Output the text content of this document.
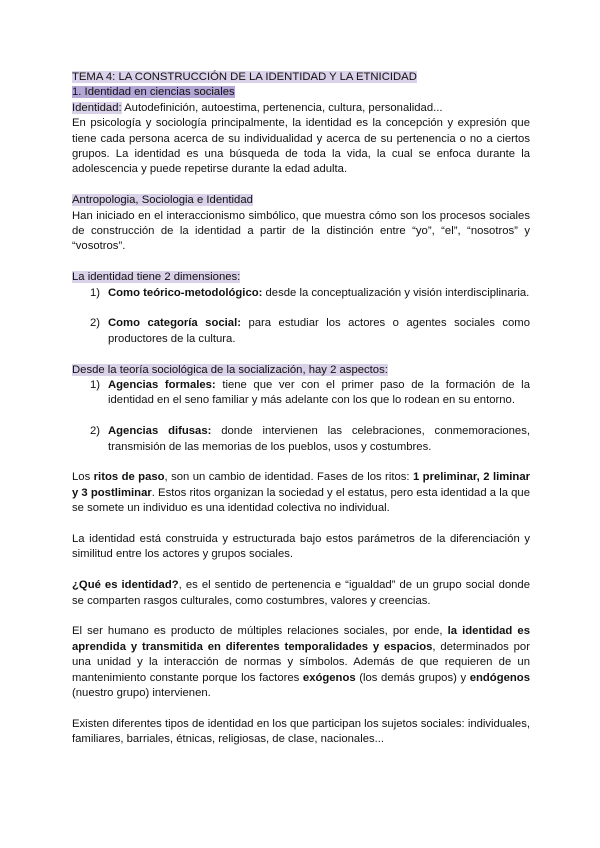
TEMA 4: LA CONSTRUCCIÓN DE LA IDENTIDAD Y LA ETNICIDAD

1. Identidad en ciencias sociales

Identidad: Autodefinición, autoestima, pertenencia, cultura, personalidad...

En psicología y sociología principalmente, la identidad es la concepción y expresión que tiene cada persona acerca de su individualidad y acerca de su pertenencia o no a ciertos grupos. La identidad es una búsqueda de toda la vida, la cual se enfoca durante la adolescencia y puede repetirse durante la edad adulta.

Antropologia, Sociologia e Identidad

Han iniciado en el interaccionismo simbólico, que muestra cómo son los procesos sociales de construcción de la identidad a partir de la distinción entre “yo”, “el”, “nosotros” y “vosotros”.

La identidad tiene 2 dimensiones:

1) Como teórico-metodológico: desde la conceptualización y visión interdisciplinaria.
2) Como categoría social: para estudiar los actores o agentes sociales como productores de la cultura.

Desde la teoría sociológica de la socialización, hay 2 aspectos:

1) Agencias formales: tiene que ver con el primer paso de la formación de la identidad en el seno familiar y más adelante con los que lo rodean en su entorno.
2) Agencias difusas: donde intervienen las celebraciones, conmemoraciones, transmisión de las memorias de los pueblos, usos y costumbres.

Los ritos de paso, son un cambio de identidad. Fases de los ritos: 1 preliminar, 2 liminar y 3 postliminar. Estos ritos organizan la sociedad y el estatus, pero esta identidad a la que se somete un individuo es una identidad colectiva no individual.

La identidad está construida y estructurada bajo estos parámetros de la diferenciación y similitud entre los actores y grupos sociales.

¿Qué es identidad?, es el sentido de pertenencia e “igualdad” de un grupo social donde se comparten rasgos culturales, como costumbres, valores y creencias.

El ser humano es producto de múltiples relaciones sociales, por ende, la identidad es aprendida y transmitida en diferentes temporalidades y espacios, determinados por una unidad y la interacción de normas y símbolos. Además de que requieren de un mantenimiento constante porque los factores exógenos (los demás grupos) y endógenos (nuestro grupo) intervienen.

Existen diferentes tipos de identidad en los que participan los sujetos sociales: individuales, familiares, barriales, étnicas, religiosas, de clase, nacionales...
